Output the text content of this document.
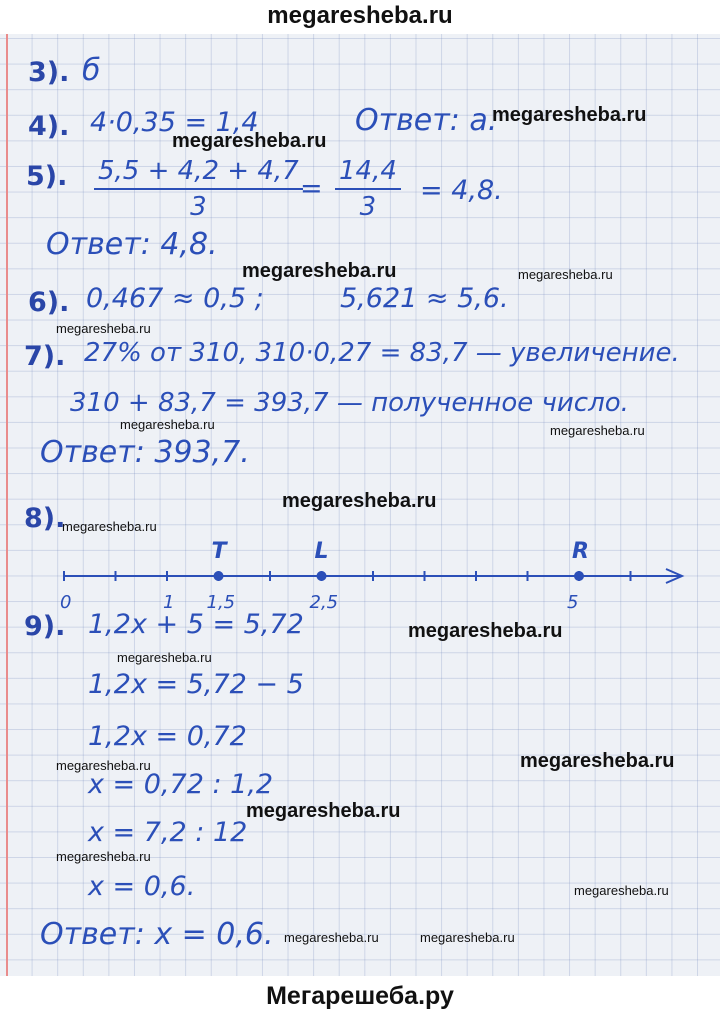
megaresheba.ru
3). б
4). 4·0,35 = 1,4	Ответ: а.
5). $\frac{5,5 + 4,2 + 4,7}{3}$
= $\frac{14,4}{3} = 4,8$.
Ответ: 4,8.
6). 0,467 ≈ 0,5 ;	5,621 ≈ 5,6.
7). 27% от 310, 310·0,27 = 83,7 — увеличение.
310 + 83,7 = 393,7 — полученное число.
Ответ: 393,7.
8).
0	1
T
1,5
L
2,5
R
5
9). 1,2x + 5 = 5,72
1,2x = 5,72 − 5
1,2x = 0,72
x = 0,72 : 1,2
x = 7,2 : 12
x = 0,6.
Ответ: x = 0,6.
megaresheba.ru
megaresheba.ru
megaresheba.ru	megaresheba.ru
megaresheba.ru
megaresheba.ru	megaresheba.ru
megaresheba.ru
megaresheba.ru
megaresheba.ru
megaresheba.ru
megaresheba.ru	megaresheba.ru
megaresheba.ru
megaresheba.ru
megaresheba.ru
megaresheba.ru	megaresheba.ru
Мегарешеба.ру
